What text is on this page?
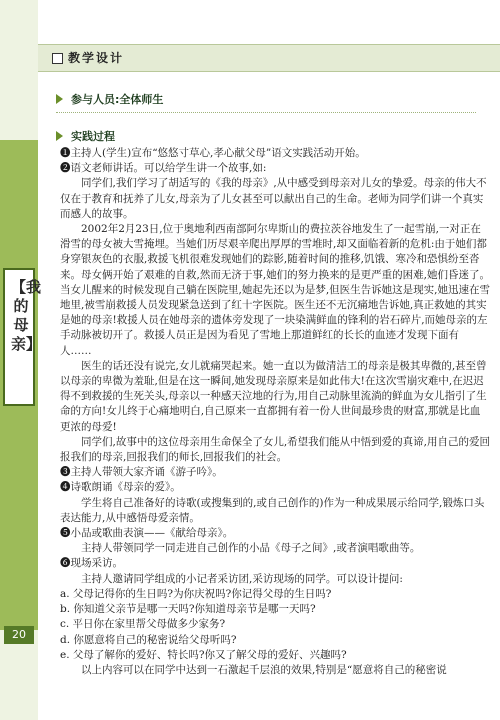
【我的母亲】
20
教学设计
参与人员:全体师生
实践过程

❶主持人(学生)宣布“悠悠寸草心,孝心献父母”语文实践活动开始。

❷语文老师讲话。可以给学生讲一个故事,如:

同学们,我们学习了胡适写的《我的母亲》,从中感受到母亲对儿女的挚爱。母亲的伟大不仅在于教育和抚养了儿女,母亲为了儿女甚至可以献出自己的生命。老师为同学们讲一个真实而感人的故事。

2002年2月23日,位于奥地利西南部阿尔卑斯山的费拉茨谷地发生了一起雪崩,一对正在滑雪的母女被大雪掩埋。当她们历尽艰辛爬出厚厚的雪堆时,却又面临着新的危机:由于她们都身穿银灰色的衣服,救援飞机很难发现她们的踪影,随着时间的推移,饥饿、寒冷和恐惧纷至沓来。母女俩开始了艰难的自救,然而无济于事,她们的努力换来的是更严重的困难,她们昏迷了。当女儿醒来的时候发现自己躺在医院里,她起先还以为是梦,但医生告诉她这是现实,她迅速在雪地里,被雪崩救援人员发现紧急送到了红十字医院。医生还不无沉痛地告诉她,真正救她的其实是她的母亲!救援人员在她母亲的遗体旁发现了一块染满鲜血的锋利的岩石碎片,而她母亲的左手动脉被切开了。救援人员正是因为看见了雪地上那道鲜红的长长的血迹才发现下面有人……

医生的话还没有说完,女儿就痛哭起来。她一直以为做清洁工的母亲是极其卑微的,甚至曾以母亲的卑微为羞耻,但是在这一瞬间,她发现母亲原来是如此伟大!在这次雪崩灾难中,在迟迟得不到救援的生死关头,母亲以一种感天泣地的行为,用自己动脉里流淌的鲜血为女儿指引了生命的方向!女儿终于心痛地明白,自己原来一直都拥有着一份人世间最珍贵的财富,那就是比血更浓的母爱!

同学们,故事中的这位母亲用生命保全了女儿,希望我们能从中悟到爱的真谛,用自己的爱回报我们的母亲,回报我们的师长,回报我们的社会。

❸主持人带领大家齐诵《游子吟》。

❹诗歌朗诵《母亲的爱》。

学生将自己准备好的诗歌(或搜集到的,或自己创作的)作为一种成果展示给同学,锻炼口头表达能力,从中感悟母爱亲情。

❺小品或歌曲表演——《献给母亲》。

主持人带领同学一同走进自己创作的小品《母子之间》,或者演唱歌曲等。

❻现场采访。

主持人邀请同学组成的小记者采访团,采访现场的同学。可以设计提问:

a. 父母记得你的生日吗?为你庆祝吗?你记得父母的生日吗?

b. 你知道父亲节是哪一天吗?你知道母亲节是哪一天吗?

c. 平日你在家里帮父母做多少家务?

d. 你愿意将自己的秘密说给父母听吗?

e. 父母了解你的爱好、特长吗?你又了解父母的爱好、兴趣吗?

以上内容可以在同学中达到一石激起千层浪的效果,特别是“愿意将自己的秘密说
